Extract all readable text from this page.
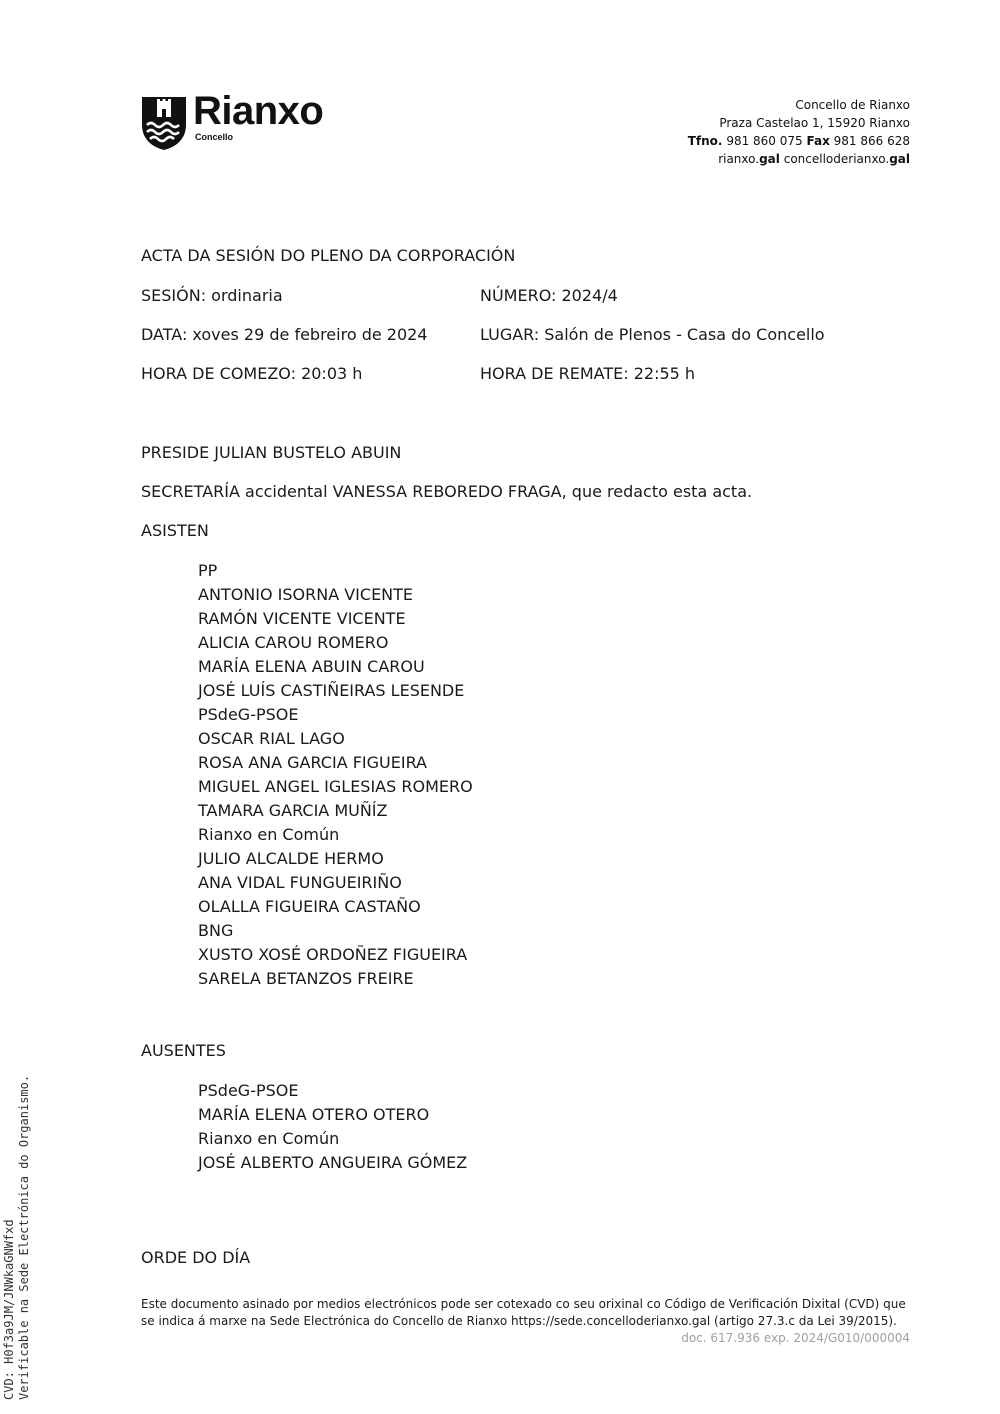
Rianxo
Concello
Concello de Rianxo
Praza Castelao 1, 15920 Rianxo
Tfno. 981 860 075 Fax 981 866 628
rianxo.gal concelloderianxo.gal
ACTA DA SESIÓN DO PLENO DA CORPORACIÓN
SESIÓN: ordinaria	NÚMERO: 2024/4
DATA: xoves 29 de febreiro de 2024	LUGAR: Salón de Plenos - Casa do Concello
HORA DE COMEZO: 20:03 h	HORA DE REMATE: 22:55 h
PRESIDE JULIAN BUSTELO ABUIN
SECRETARÍA accidental VANESSA REBOREDO FRAGA, que redacto esta acta.
ASISTEN
PP
ANTONIO ISORNA VICENTE
RAMÓN VICENTE VICENTE
ALICIA CAROU ROMERO
MARÍA ELENA ABUIN CAROU
JOSÉ LUÍS CASTIÑEIRAS LESENDE
PSdeG-PSOE
OSCAR RIAL LAGO
ROSA ANA GARCIA FIGUEIRA
MIGUEL ANGEL IGLESIAS ROMERO
TAMARA GARCIA MUÑÍZ
Rianxo en Común
JULIO ALCALDE HERMO
ANA VIDAL FUNGUEIRIÑO
OLALLA FIGUEIRA CASTAÑO
BNG
XUSTO XOSÉ ORDOÑEZ FIGUEIRA
SARELA BETANZOS FREIRE
AUSENTES
PSdeG-PSOE
MARÍA ELENA OTERO OTERO
Rianxo en Común
JOSÉ ALBERTO ANGUEIRA GÓMEZ
ORDE DO DÍA
Este documento asinado por medios electrónicos pode ser cotexado co seu orixinal co Código de Verificación Dixital (CVD) que se indica á marxe na Sede Electrónica do Concello de Rianxo https://sede.concelloderianxo.gal (artigo 27.3.c da Lei 39/2015).
doc. 617.936 exp. 2024/G010/000004
CVD: H0f3a9JM/JNWkaGNWfxd Verificable na Sede Electrónica do Organismo.
